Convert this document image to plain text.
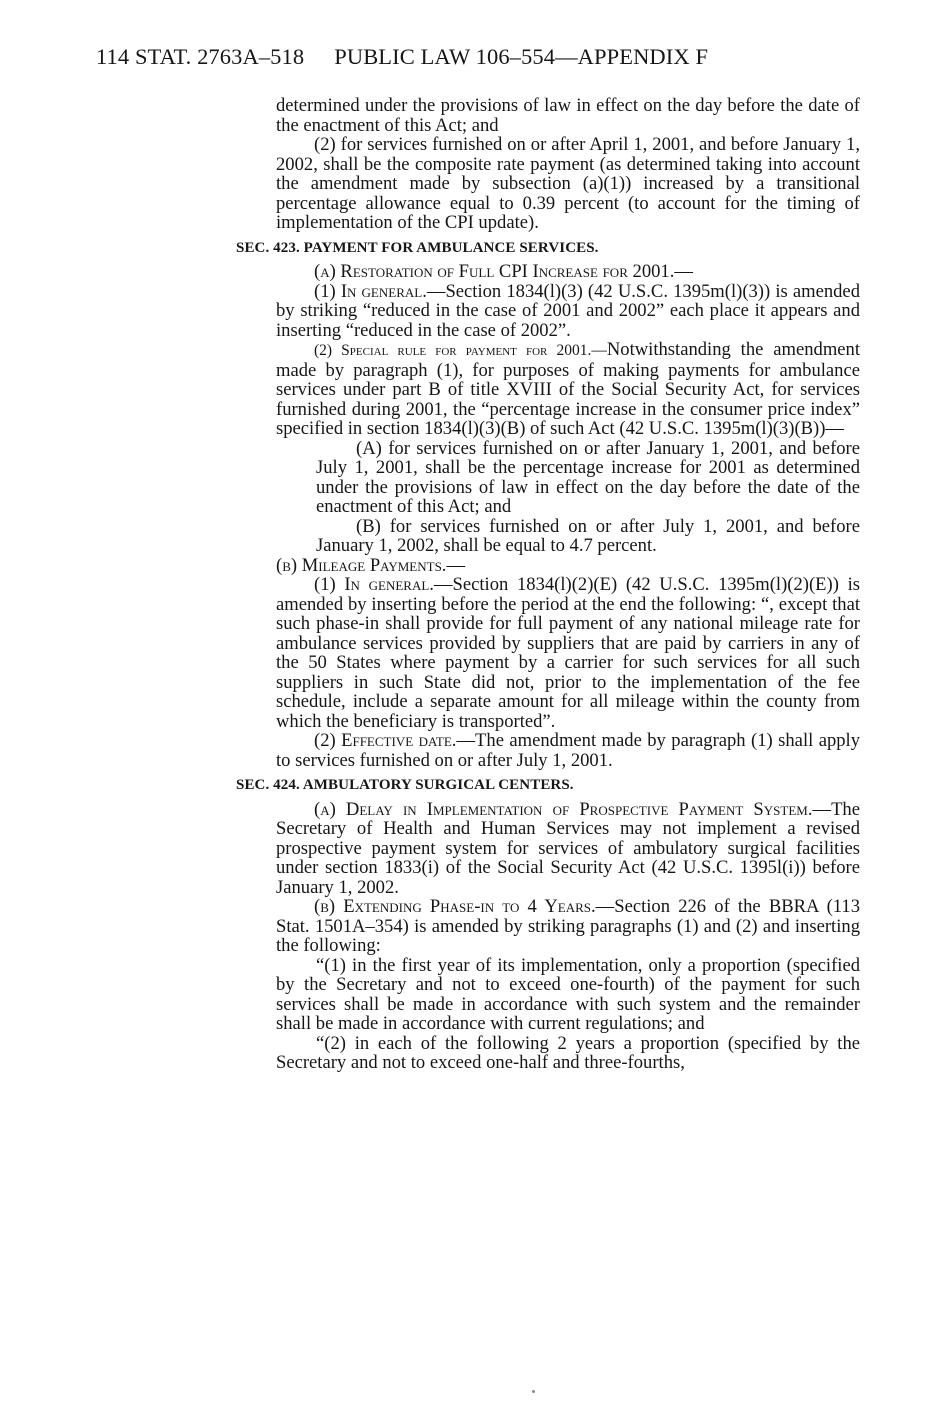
114 STAT. 2763A–518 PUBLIC LAW 106–554—APPENDIX F

determined under the provisions of law in effect on the day before the date of the enactment of this Act; and

(2) for services furnished on or after April 1, 2001, and before January 1, 2002, shall be the composite rate payment (as determined taking into account the amendment made by subsection (a)(1)) increased by a transitional percentage allowance equal to 0.39 percent (to account for the timing of implementation of the CPI update).

SEC. 423. PAYMENT FOR AMBULANCE SERVICES.

(a) Restoration of Full CPI Increase for 2001.—

(1) In general.—Section 1834(l)(3) (42 U.S.C. 1395m(l)(3)) is amended by striking “reduced in the case of 2001 and 2002” each place it appears and inserting “reduced in the case of 2002”.

(2) Special rule for payment for 2001.—Notwithstanding the amendment made by paragraph (1), for purposes of making payments for ambulance services under part B of title XVIII of the Social Security Act, for services furnished during 2001, the “percentage increase in the consumer price index” specified in section 1834(l)(3)(B) of such Act (42 U.S.C. 1395m(l)(3)(B))—

(A) for services furnished on or after January 1, 2001, and before July 1, 2001, shall be the percentage increase for 2001 as determined under the provisions of law in effect on the day before the date of the enactment of this Act; and

(B) for services furnished on or after July 1, 2001, and before January 1, 2002, shall be equal to 4.7 percent.

(b) Mileage Payments.—

(1) In general.—Section 1834(l)(2)(E) (42 U.S.C. 1395m(l)(2)(E)) is amended by inserting before the period at the end the following: “, except that such phase-in shall provide for full payment of any national mileage rate for ambulance services provided by suppliers that are paid by carriers in any of the 50 States where payment by a carrier for such services for all such suppliers in such State did not, prior to the implementation of the fee schedule, include a separate amount for all mileage within the county from which the beneficiary is transported”.

(2) Effective date.—The amendment made by paragraph (1) shall apply to services furnished on or after July 1, 2001.

SEC. 424. AMBULATORY SURGICAL CENTERS.

(a) Delay in Implementation of Prospective Payment System.—The Secretary of Health and Human Services may not implement a revised prospective payment system for services of ambulatory surgical facilities under section 1833(i) of the Social Security Act (42 U.S.C. 1395l(i)) before January 1, 2002.

(b) Extending Phase-in to 4 Years.—Section 226 of the BBRA (113 Stat. 1501A–354) is amended by striking paragraphs (1) and (2) and inserting the following:

“(1) in the first year of its implementation, only a proportion (specified by the Secretary and not to exceed one-fourth) of the payment for such services shall be made in accordance with such system and the remainder shall be made in accordance with current regulations; and

“(2) in each of the following 2 years a proportion (specified by the Secretary and not to exceed one-half and three-fourths,
